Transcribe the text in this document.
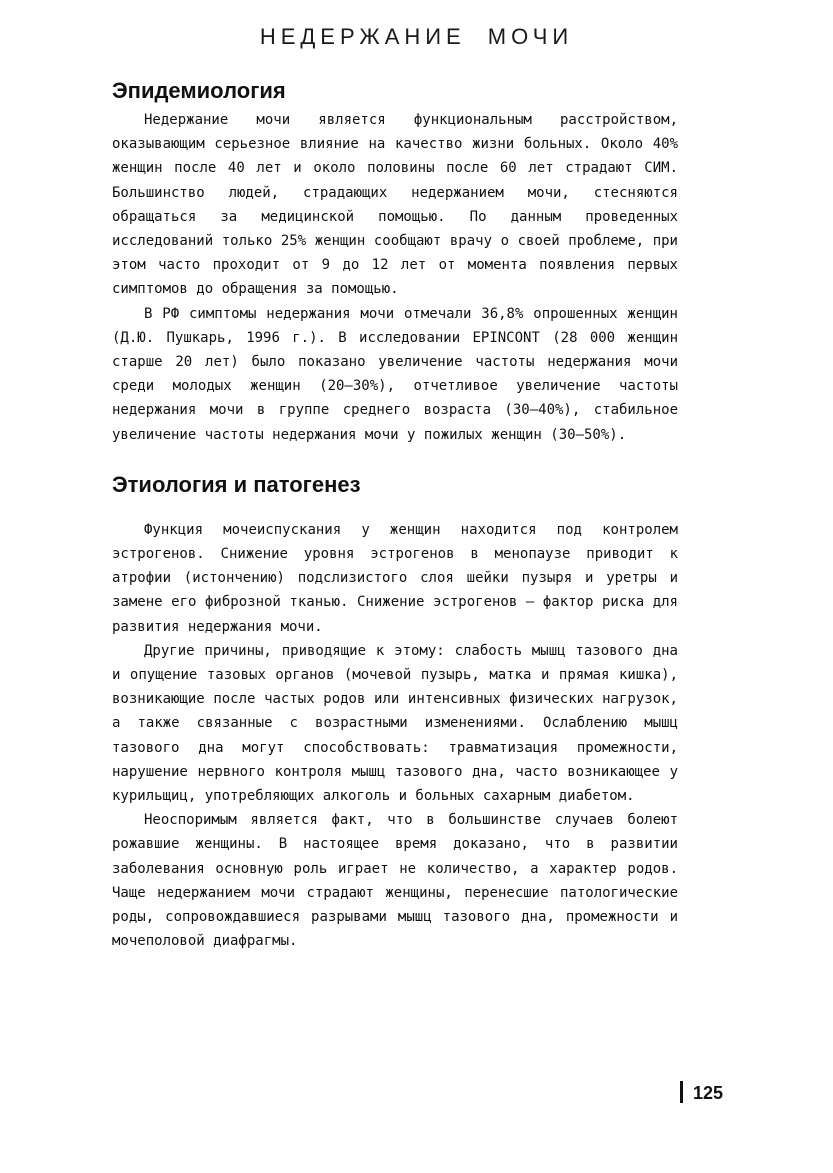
НЕДЕРЖАНИЕ МОЧИ
Эпидемиология

Недержание мочи является функциональным расстройством, оказывающим серьезное влияние на качество жизни больных. Около 40% женщин после 40 лет и около половины после 60 лет страдают СИМ. Большинство людей, страдающих недержанием мочи, стесняются обращаться за медицинской помощью. По данным проведенных исследований только 25% женщин сообщают врачу о своей проблеме, при этом часто проходит от 9 до 12 лет от момента появления первых симптомов до обращения за помощью.

В РФ симптомы недержания мочи отмечали 36,8% опрошенных женщин (Д.Ю. Пушкарь, 1996 г.). В исследовании EPINCONT (28 000 женщин старше 20 лет) было показано увеличение частоты недержания мочи среди молодых женщин (20–30%), отчетливое увеличение частоты недержания мочи в группе среднего возраста (30–40%), стабильное увеличение частоты недержания мочи у пожилых женщин (30–50%).

Этиология и патогенез

Функция мочеиспускания у женщин находится под контролем эстрогенов. Снижение уровня эстрогенов в менопаузе приводит к атрофии (истончению) подслизистого слоя шейки пузыря и уретры и замене его фиброзной тканью. Снижение эстрогенов — фактор риска для развития недержания мочи.

Другие причины, приводящие к этому: слабость мышц тазового дна и опущение тазовых органов (мочевой пузырь, матка и прямая кишка), возникающие после частых родов или интенсивных физических нагрузок, а также связанные с возрастными изменениями. Ослаблению мышц тазового дна могут способствовать: травматизация промежности, нарушение нервного контроля мышц тазового дна, часто возникающее у курильщиц, употребляющих алкоголь и больных сахарным диабетом.

Неоспоримым является факт, что в большинстве случаев болеют рожавшие женщины. В настоящее время доказано, что в развитии заболевания основную роль играет не количество, а характер родов. Чаще недержанием мочи страдают женщины, перенесшие патологические роды, сопровождавшиеся разрывами мышц тазового дна, промежности и мочеполовой диафрагмы.

125
